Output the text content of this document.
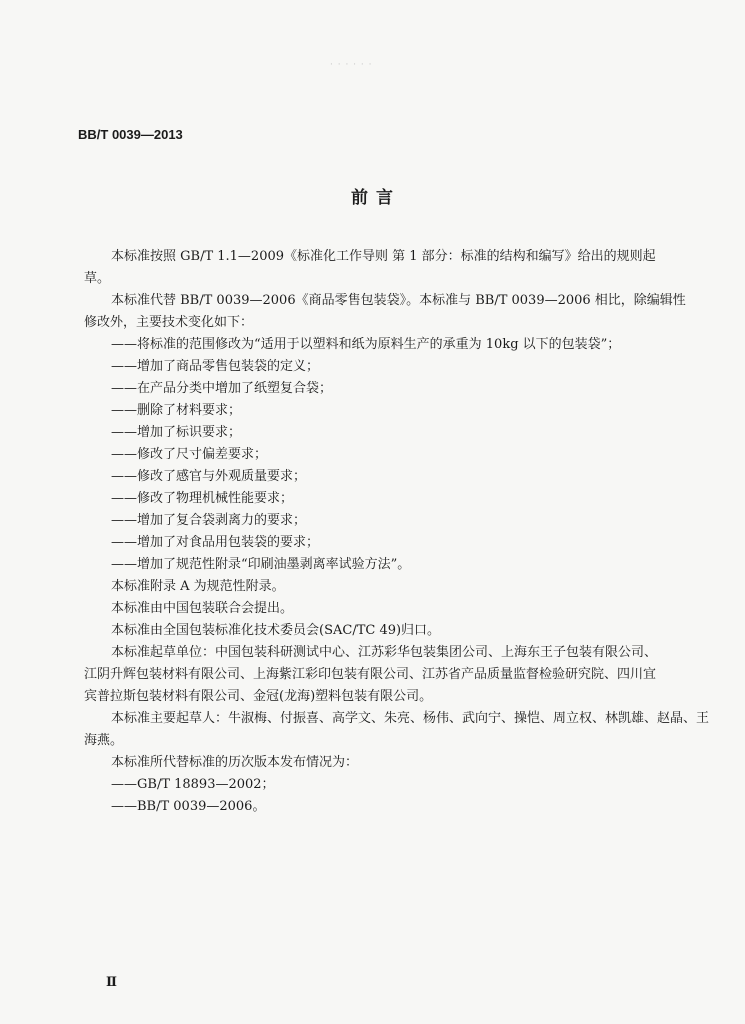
· · · · · ·
BB/T 0039—2013
前 言

本标准按照 GB/T 1.1—2009《标准化工作导则 第 1 部分：标准的结构和编写》给出的规则起

草。

本标准代替 BB/T 0039—2006《商品零售包装袋》。本标准与 BB/T 0039—2006 相比，除编辑性

修改外，主要技术变化如下：

——将标准的范围修改为“适用于以塑料和纸为原料生产的承重为 10kg 以下的包装袋”；

——增加了商品零售包装袋的定义；

——在产品分类中增加了纸塑复合袋；

——删除了材料要求；

——增加了标识要求；

——修改了尺寸偏差要求；

——修改了感官与外观质量要求；

——修改了物理机械性能要求；

——增加了复合袋剥离力的要求；

——增加了对食品用包装袋的要求；

——增加了规范性附录“印刷油墨剥离率试验方法”。

本标准附录 A 为规范性附录。

本标准由中国包装联合会提出。

本标准由全国包装标准化技术委员会(SAC/TC 49)归口。

本标准起草单位：中国包装科研测试中心、江苏彩华包装集团公司、上海东王子包装有限公司、

江阴升辉包装材料有限公司、上海紫江彩印包装有限公司、江苏省产品质量监督检验研究院、四川宜

宾普拉斯包装材料有限公司、金冠(龙海)塑料包装有限公司。

本标准主要起草人：牛淑梅、付振喜、高学文、朱亮、杨伟、武向宁、操恺、周立权、林凯雄、赵晶、王

海燕。

本标准所代替标准的历次版本发布情况为：

——GB/T 18893—2002；

——BB/T 0039—2006。

Ⅱ
